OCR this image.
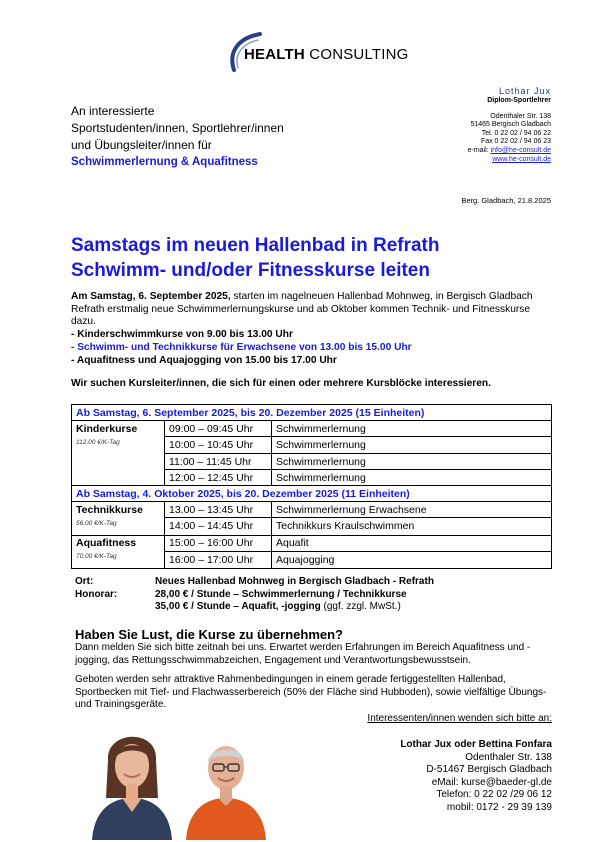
HEALTH CONSULTING
Lothar Jux
Diplom-Sportlehrer
Odenthaler Str. 138
51465 Bergisch Gladbach
Tel. 0 22 02 / 94 06 22
Fax 0 22 02 / 94 06 23
e-mail: info@he-consult.de
www.he-consult.de
An interessierte
Sportstudenten/innen, Sportlehrer/innen
und Übungsleiter/innen für
Schwimmerlernung & Aquafitness
Berg. Gladbach, 21.8.2025
Samstags im neuen Hallenbad in Refrath
Schwimm- und/oder Fitnesskurse leiten
Am Samstag, 6. September 2025, starten im nagelneuen Hallenbad Mohnweg, in Bergisch Gladbach Refrath erstmalig neue Schwimmerlernungskurse und ab Oktober kommen Technik- und Fitnesskurse dazu.
- Kinderschwimmkurse von 9.00 bis 13.00 Uhr
- Schwimm- und Technikkurse für Erwachsene von 13.00 bis 15.00 Uhr
- Aquafitness und Aquajogging von 15.00 bis 17.00 Uhr
Wir suchen Kursleiter/innen, die sich für einen oder mehrere Kursblöcke interessieren.
Ab Samstag, 6. September 2025, bis 20. Dezember 2025 (15 Einheiten)		
Kinderkurse	09:00 – 09:45 Uhr	Schwimmerlernung
112,00 €/K-Tag	10:00 – 10:45 Uhr	Schwimmerlernung
	11:00 – 11:45 Uhr	Schwimmerlernung
	12:00 – 12:45 Uhr	Schwimmerlernung
Ab Samstag, 4. Oktober 2025, bis 20. Dezember 2025 (11 Einheiten)		
Technikkurse	13.00 – 13:45 Uhr	Schwimmerlernung Erwachsene
56,00 €/K-Tag	14:00 – 14:45 Uhr	Technikkurs Kraulschwimmen
Aquafitness	15:00 – 16:00 Uhr	Aquafit
70,00 €/K-Tag	16:00 – 17:00 Uhr	Aquajogging
Ort:	Neues Hallenbad Mohnweg in Bergisch Gladbach - Refrath
Honorar:	28,00 € / Stunde – Schwimmerlernung / Technikkurse
35,00 € / Stunde – Aquafit, -jogging (ggf. zzgl. MwSt.)
Haben Sie Lust, die Kurse zu übernehmen?
Dann melden Sie sich bitte zeitnah bei uns. Erwartet werden Erfahrungen im Bereich Aquafitness und -jogging, das Rettungsschwimmabzeichen, Engagement und Verantwortungsbewusstsein.
Geboten werden sehr attraktive Rahmenbedingungen in einem gerade fertiggestellten Hallenbad, Sportbecken mit Tief- und Flachwasserbereich (50% der Fläche sind Hubboden), sowie vielfältige Übungs- und Trainingsgeräte.
Interessenten/innen wenden sich bitte an:
Lothar Jux oder Bettina Fonfara
Odenthaler Str. 138
D-51467 Bergisch Gladbach
eMail: kurse@baeder-gl.de
Telefon: 0 22 02 /29 06 12
mobil: 0172 - 29 39 139
